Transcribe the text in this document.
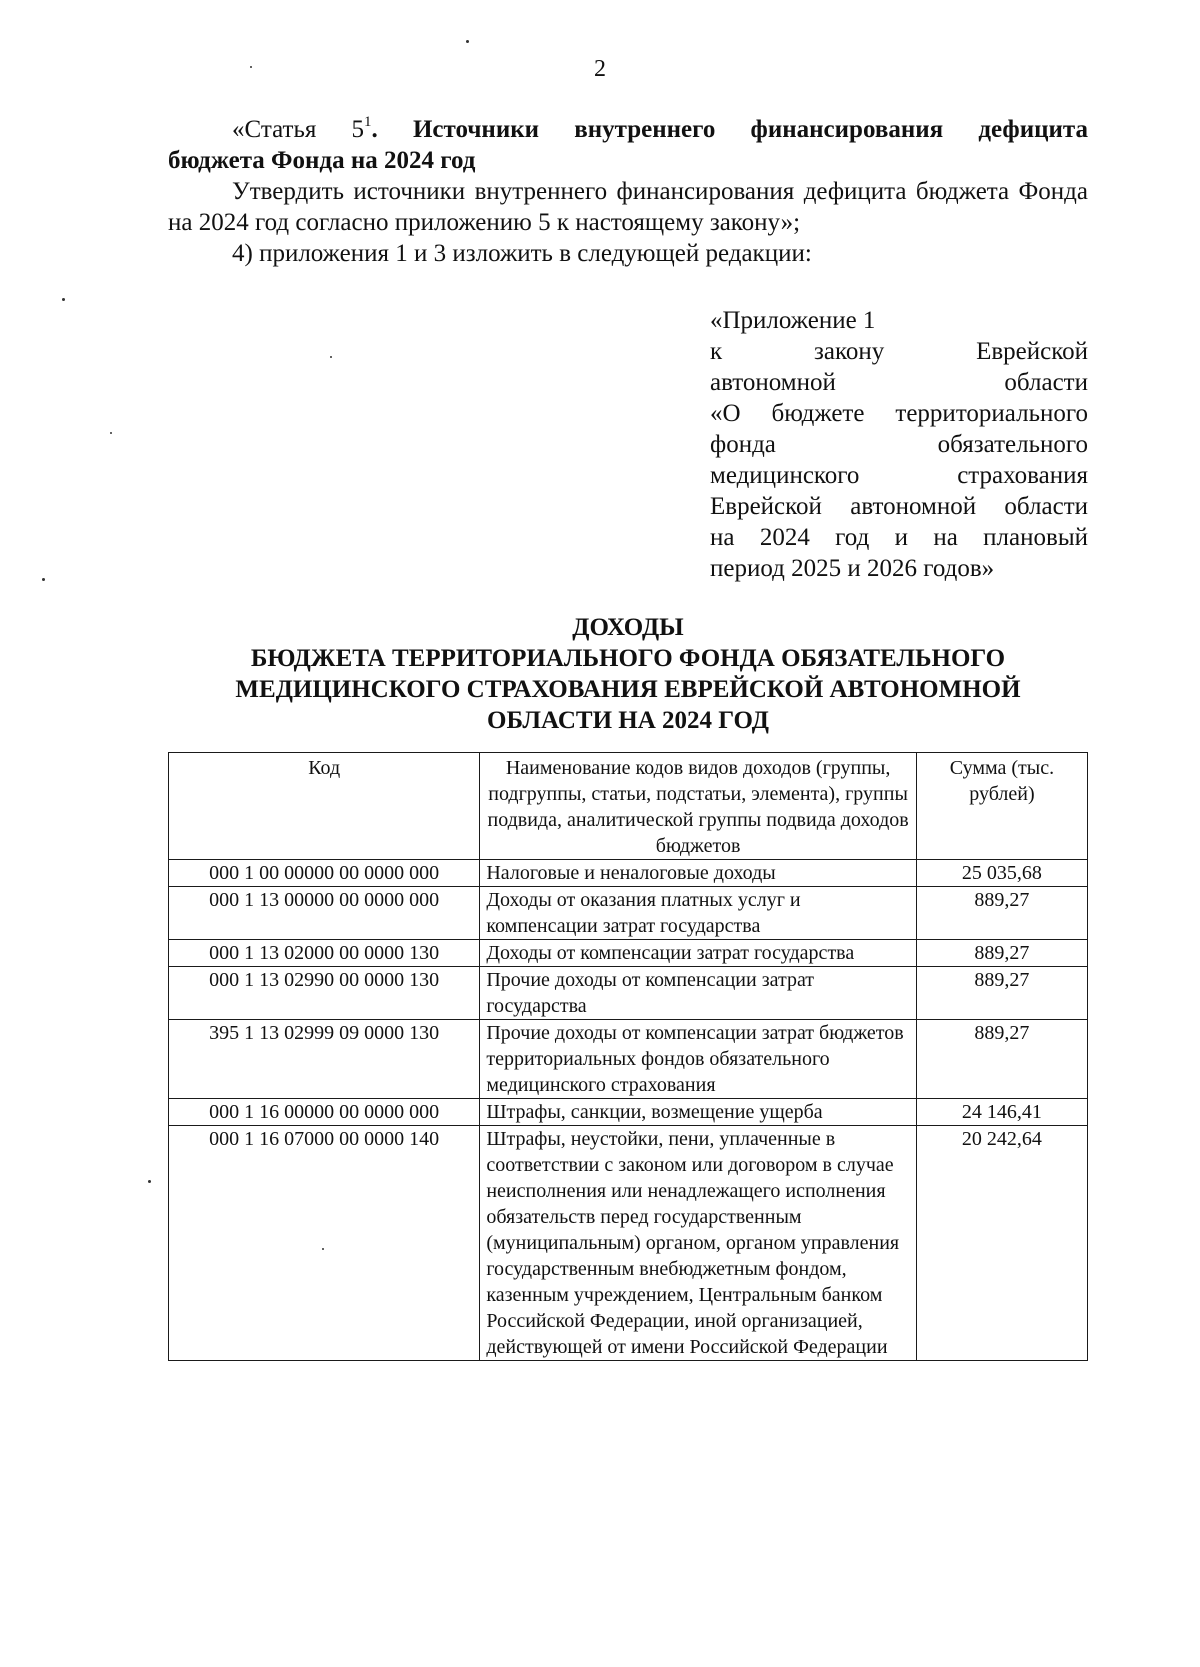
2
«Статья $5^1$. Источники внутреннего финансирования дефицита
бюджета Фонда на 2024 год
Утвердить источники внутреннего финансирования дефицита бюджета Фонда на 2024 год согласно приложению 5 к настоящему закону»;
4) приложения 1 и 3 изложить в следующей редакции:
«Приложение 1
к закону Еврейской
автономной области
«О бюджете территориального
фонда обязательного
медицинского страхования
Еврейской автономной области
на 2024 год и на плановый
период 2025 и 2026 годов»
ДОХОДЫ
БЮДЖЕТА ТЕРРИТОРИАЛЬНОГО ФОНДА ОБЯЗАТЕЛЬНОГО
МЕДИЦИНСКОГО СТРАХОВАНИЯ ЕВРЕЙСКОЙ АВТОНОМНОЙ
ОБЛАСТИ НА 2024 ГОД
Код	Наименование кодов видов доходов (группы, подгруппы, статьи, подстатьи, элемента), группы подвида, аналитической группы подвида доходов бюджетов	Сумма (тыс. рублей)
000 1 00 00000 00 0000 000	Налоговые и неналоговые доходы	25 035,68
000 1 13 00000 00 0000 000	Доходы от оказания платных услуг и компенсации затрат государства	889,27
000 1 13 02000 00 0000 130	Доходы от компенсации затрат государства	889,27
000 1 13 02990 00 0000 130	Прочие доходы от компенсации затрат государства	889,27
395 1 13 02999 09 0000 130	Прочие доходы от компенсации затрат бюджетов территориальных фондов обязательного медицинского страхования	889,27
000 1 16 00000 00 0000 000	Штрафы, санкции, возмещение ущерба	24 146,41
000 1 16 07000 00 0000 140	Штрафы, неустойки, пени, уплаченные в соответствии с законом или договором в случае неисполнения или ненадлежащего исполнения обязательств перед государственным (муниципальным) органом, органом управления государственным внебюджетным фондом, казенным учреждением, Центральным банком Российской Федерации, иной организацией, действующей от имени Российской Федерации	20 242,64
